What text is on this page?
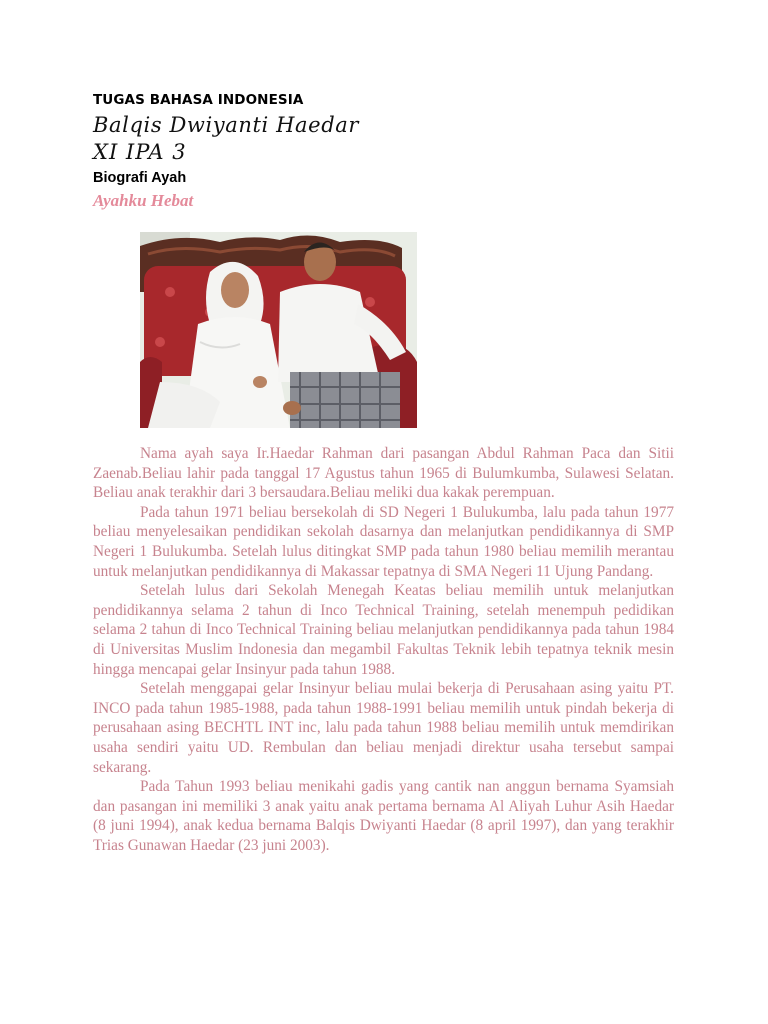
TUGAS BAHASA INDONESIA
Balqis Dwiyanti Haedar
XI IPA 3
Biografi Ayah
Ayahku Hebat

Nama ayah saya Ir.Haedar Rahman dari pasangan Abdul Rahman Paca dan Sitii Zaenab.Beliau lahir pada tanggal 17 Agustus tahun 1965 di Bulumkumba, Sulawesi Selatan. Beliau anak terakhir dari 3 bersaudara.Beliau meliki dua kakak perempuan.

Pada tahun 1971 beliau bersekolah di SD Negeri 1 Bulukumba, lalu pada tahun 1977 beliau menyelesaikan pendidikan sekolah dasarnya dan melanjutkan pendidikannya di SMP Negeri 1 Bulukumba. Setelah lulus ditingkat SMP pada tahun 1980 beliau memilih merantau untuk melanjutkan pendidikannya di Makassar tepatnya di SMA Negeri 11 Ujung Pandang.

Setelah lulus dari Sekolah Menegah Keatas beliau memilih untuk melanjutkan pendidikannya selama 2 tahun di Inco Technical Training, setelah menempuh pedidikan selama 2 tahun di Inco Technical Training beliau melanjutkan pendidikannya pada tahun 1984 di Universitas Muslim Indonesia dan megambil Fakultas Teknik lebih tepatnya teknik mesin hingga mencapai gelar Insinyur pada tahun 1988.

Setelah menggapai gelar Insinyur beliau mulai bekerja di Perusahaan asing yaitu PT. INCO pada tahun 1985-1988, pada tahun 1988-1991 beliau memilih untuk pindah bekerja di perusahaan asing BECHTL INT inc, lalu pada tahun 1988 beliau memilih untuk memdirikan usaha sendiri yaitu UD. Rembulan dan beliau menjadi direktur usaha tersebut sampai sekarang.

Pada Tahun 1993 beliau menikahi gadis yang cantik nan anggun bernama Syamsiah dan pasangan ini memiliki 3 anak yaitu anak pertama bernama Al Aliyah Luhur Asih Haedar (8 juni 1994), anak kedua bernama Balqis Dwiyanti Haedar (8 april 1997), dan yang terakhir Trias Gunawan Haedar (23 juni 2003).
